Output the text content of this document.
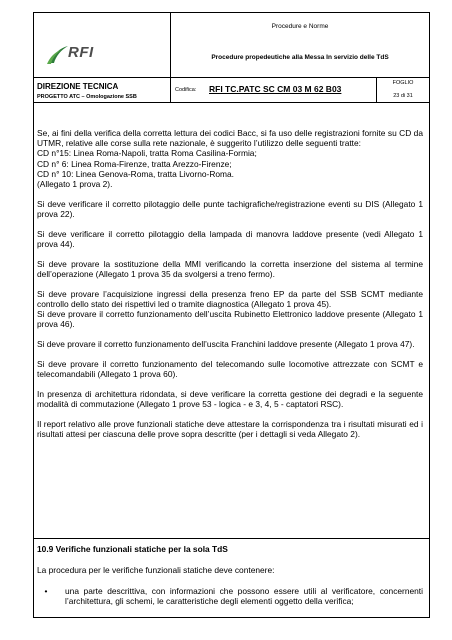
RFI
Procedure e Norme
Procedure propedeutiche alla Messa In servizio delle TdS
DIREZIONE TECNICA
PROGETTO ATC – Omologazione SSB
Codifica: RFI TC.PATC SC CM 03 M 62 B03
FOGLIO
23 di 31

Se, ai fini della verifica della corretta lettura dei codici Bacc, si fa uso delle registrazioni fornite su CD da UTMR, relative alle corse sulla rete nazionale, è suggerito l’utilizzo delle seguenti tratte:

CD n°15: Linea Roma-Napoli, tratta Roma Casilina-Formia;

CD n° 6: Linea Roma-Firenze, tratta Arezzo-Firenze;

CD n° 10: Linea Genova-Roma, tratta Livorno-Roma.

(Allegato 1 prova 2).

Si deve verificare il corretto pilotaggio delle punte tachigrafiche/registrazione eventi su DIS (Allegato 1 prova 22).

Si deve verificare il corretto pilotaggio della lampada di manovra laddove presente (vedi Allegato 1 prova 44).

Si deve provare la sostituzione della MMI verificando la corretta inserzione del sistema al termine dell’operazione (Allegato 1 prova 35 da svolgersi a treno fermo).

Si deve provare l’acquisizione ingressi della presenza freno EP da parte del SSB SCMT mediante controllo dello stato dei rispettivi led o tramite diagnostica (Allegato 1 prova 45).

Si deve provare il corretto funzionamento dell’uscita Rubinetto Elettronico laddove presente (Allegato 1 prova 46).

Si deve provare il corretto funzionamento dell’uscita Franchini laddove presente (Allegato 1 prova 47).

Si deve provare il corretto funzionamento del telecomando sulle locomotive attrezzate con SCMT e telecomandabili (Allegato 1 prova 60).

In presenza di architettura ridondata, si deve verificare la corretta gestione dei degradi e la seguente modalità di commutazione (Allegato 1 prove 53 - logica - e 3, 4, 5 - captatori RSC).

Il report relativo alle prove funzionali statiche deve attestare la corrispondenza tra i risultati misurati ed i risultati attesi per ciascuna delle prove sopra descritte (per i dettagli si veda Allegato 2).

10.9 Verifiche funzionali statiche per la sola TdS
La procedura per le verifiche funzionali statiche deve contenere:
•	una parte descrittiva, con informazioni che possono essere utili al verificatore, concernenti l’architettura, gli schemi, le caratteristiche degli elementi oggetto della verifica;
